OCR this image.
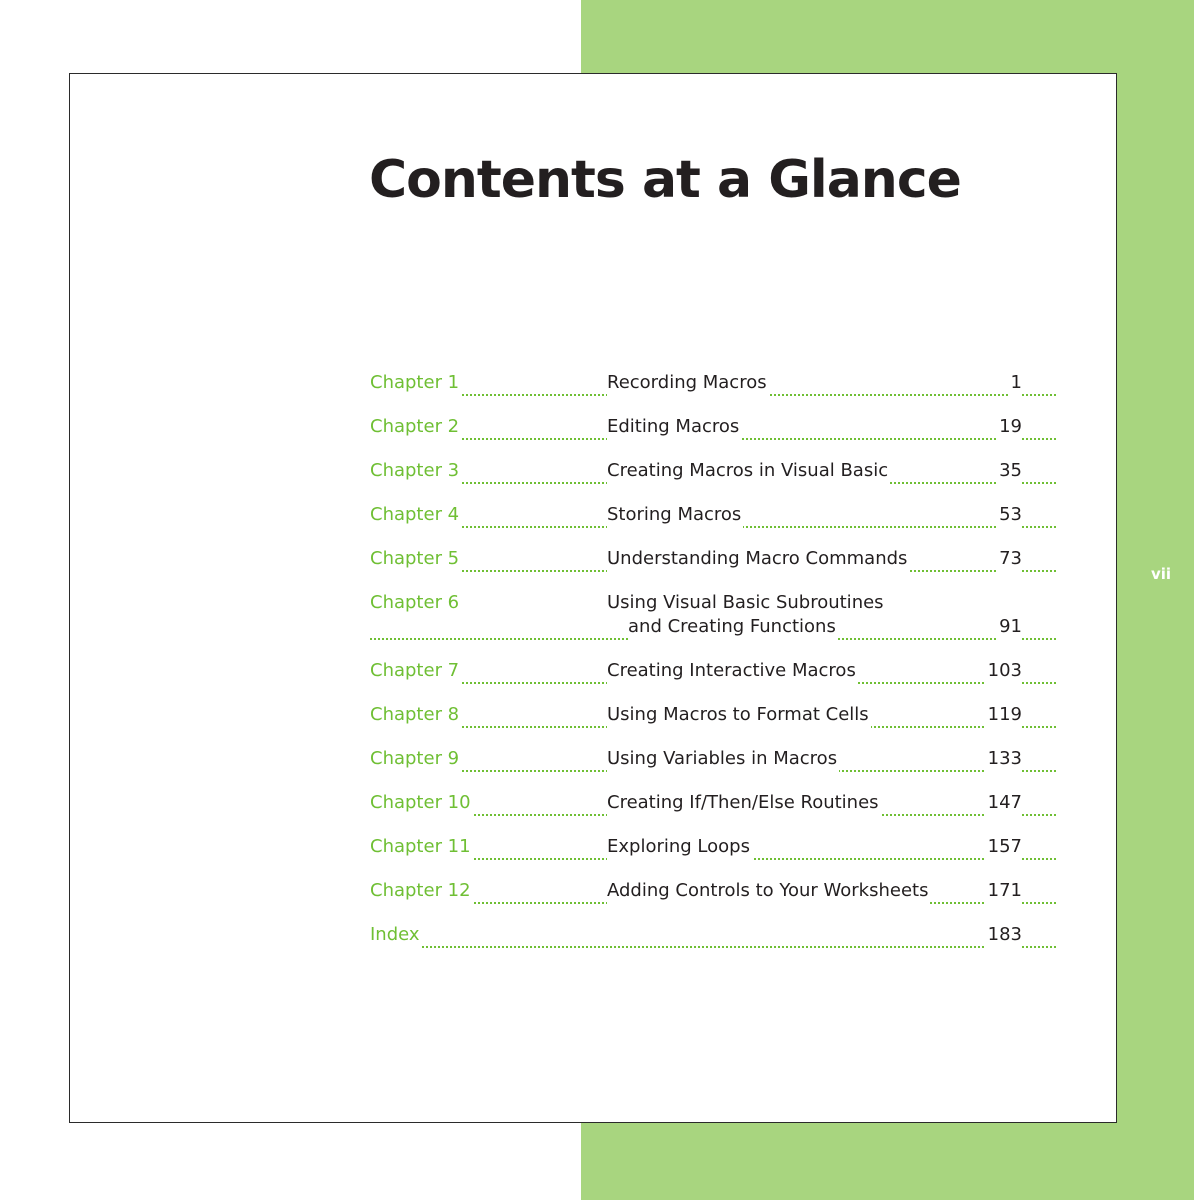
Contents at a Glance
vii
Chapter 1	Recording Macros	1
Chapter 2	Editing Macros	19
Chapter 3	Creating Macros in Visual Basic	35
Chapter 4	Storing Macros	53
Chapter 5	Understanding Macro Commands	73
Chapter 6	Using Visual Basic Subroutines
and Creating Functions	91
Chapter 7	Creating Interactive Macros	103
Chapter 8	Using Macros to Format Cells	119
Chapter 9	Using Variables in Macros	133
Chapter 10	Creating If/Then/Else Routines	147
Chapter 11	Exploring Loops	157
Chapter 12	Adding Controls to Your Worksheets	171
Index	183
